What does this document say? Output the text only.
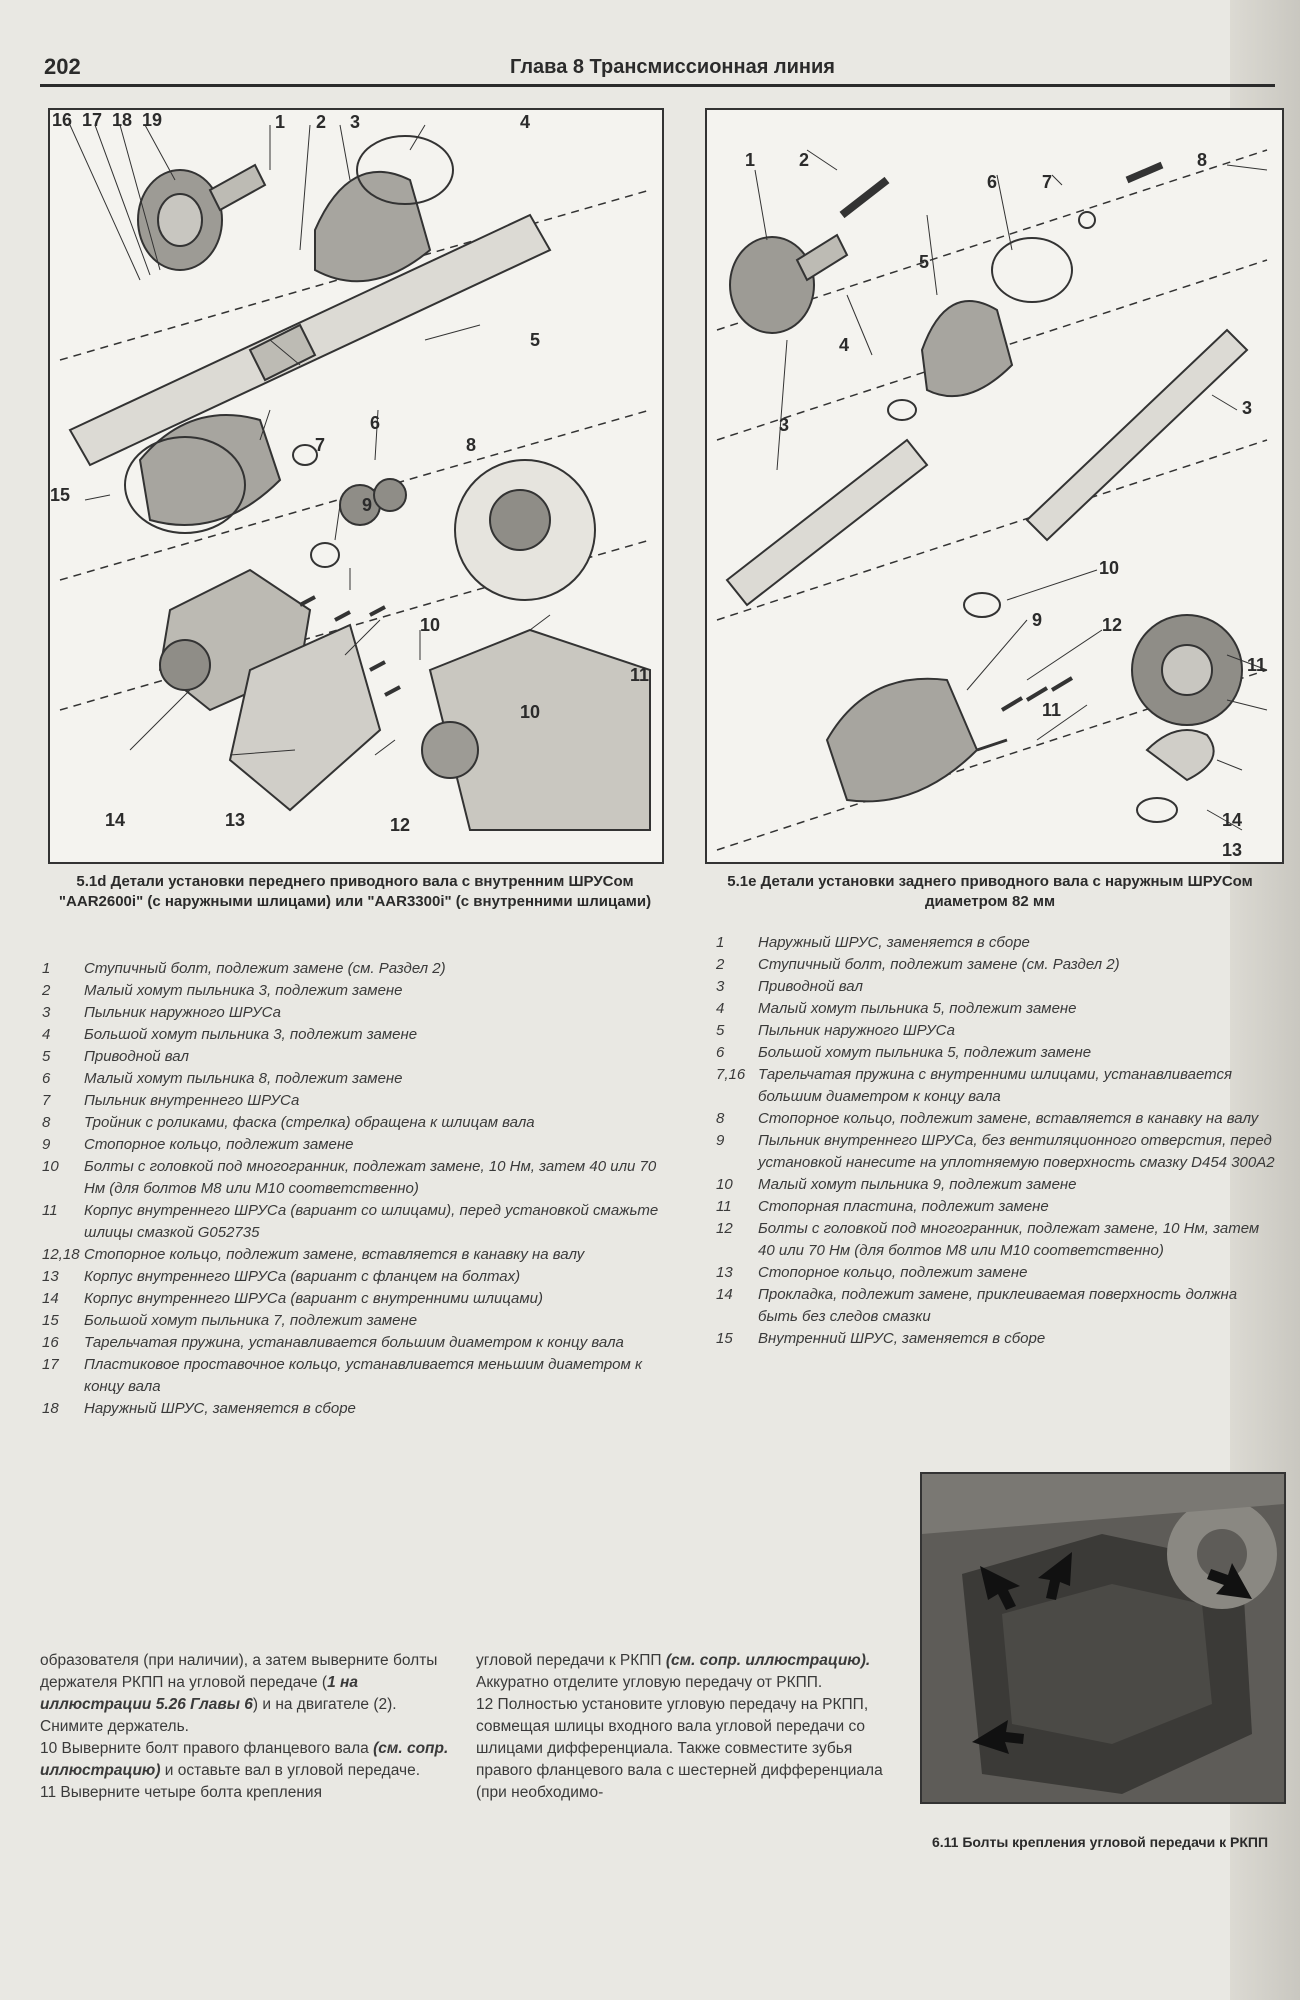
202	Глава 8 Трансмиссионная линия
16 17 18 19	1 2 3	4
5
6
7	8
15	9
10
14	13
10
12
11
1 2	8
6 7
5
4
3
3
10
9	12
11
11
14
13
5.1d Детали установки переднего приводного вала с внутренним ШРУСом "AAR2600i" (с наружными шлицами) или "AAR3300i" (с внутренними шлицами)
5.1е Детали установки заднего приводного вала с наружным ШРУСом диаметром 82 мм
1	Ступичный болт, подлежит замене (см. Раздел 2)
2	Малый хомут пыльника 3, подлежит замене
3	Пыльник наружного ШРУСа
4	Большой хомут пыльника 3, подлежит замене
5	Приводной вал
6	Малый хомут пыльника 8, подлежит замене
7	Пыльник внутреннего ШРУСа
8	Тройник с роликами, фаска (стрелка) обращена к шлицам вала
9	Стопорное кольцо, подлежит замене
10	Болты с головкой под многогранник, подлежат замене, 10 Нм, затем 40 или 70 Нм (для болтов М8 или М10 соответственно)
11	Корпус внутреннего ШРУСа (вариант со шлицами), перед установкой смажьте шлицы смазкой G052735
12,18 Стопорное кольцо, подлежит замене, вставляется в канавку на валу
13	Корпус внутреннего ШРУСа (вариант с фланцем на болтах)
14	Корпус внутреннего ШРУСа (вариант с внутренними шлицами)
15	Большой хомут пыльника 7, подлежит замене
16	Тарельчатая пружина, устанавливается большим диаметром к концу вала
17	Пластиковое проставочное кольцо, устанавливается меньшим диаметром к концу вала
18	Наружный ШРУС, заменяется в сборе
1	Наружный ШРУС, заменяется в сборе
2	Ступичный болт, подлежит замене (см. Раздел 2)
3	Приводной вал
4	Малый хомут пыльника 5, подлежит замене
5	Пыльник наружного ШРУСа
6	Большой хомут пыльника 5, подлежит замене
7,16 Тарельчатая пружина с внутренними шлицами, устанавливается большим диаметром к концу вала
8	Стопорное кольцо, подлежит замене, вставляется в канавку на валу
9	Пыльник внутреннего ШРУСа, без вентиляционного отверстия, перед установкой нанесите на уплотняемую поверхность смазку D454 300A2
10	Малый хомут пыльника 9, подлежит замене
11	Стопорная пластина, подлежит замене
12	Болты с головкой под многогранник, подлежат замене, 10 Нм, затем 40 или 70 Нм (для болтов М8 или М10 соответственно)
13	Стопорное кольцо, подлежит замене
14	Прокладка, подлежит замене, приклеиваемая поверхность должна быть без следов смазки
15	Внутренний ШРУС, заменяется в сборе
6.11 Болты крепления угловой передачи к РКПП

образователя (при наличии), а затем выверните болты держателя РКПП на угловой передаче (1 на иллюстрации 5.26 Главы 6) и на двигателе (2). Снимите держатель.

10 Выверните болт правого фланцевого вала (см. сопр. иллюстрацию) и оставьте вал в угловой передаче.

11 Выверните четыре болта крепления

угловой передачи к РКПП (см. сопр. иллюстрацию). Аккуратно отделите угловую передачу от РКПП.

12 Полностью установите угловую передачу на РКПП, совмещая шлицы входного вала угловой передачи со шлицами дифференциала. Также совместите зубья правого фланцевого вала с шестерней дифференциала (при необходимо-
